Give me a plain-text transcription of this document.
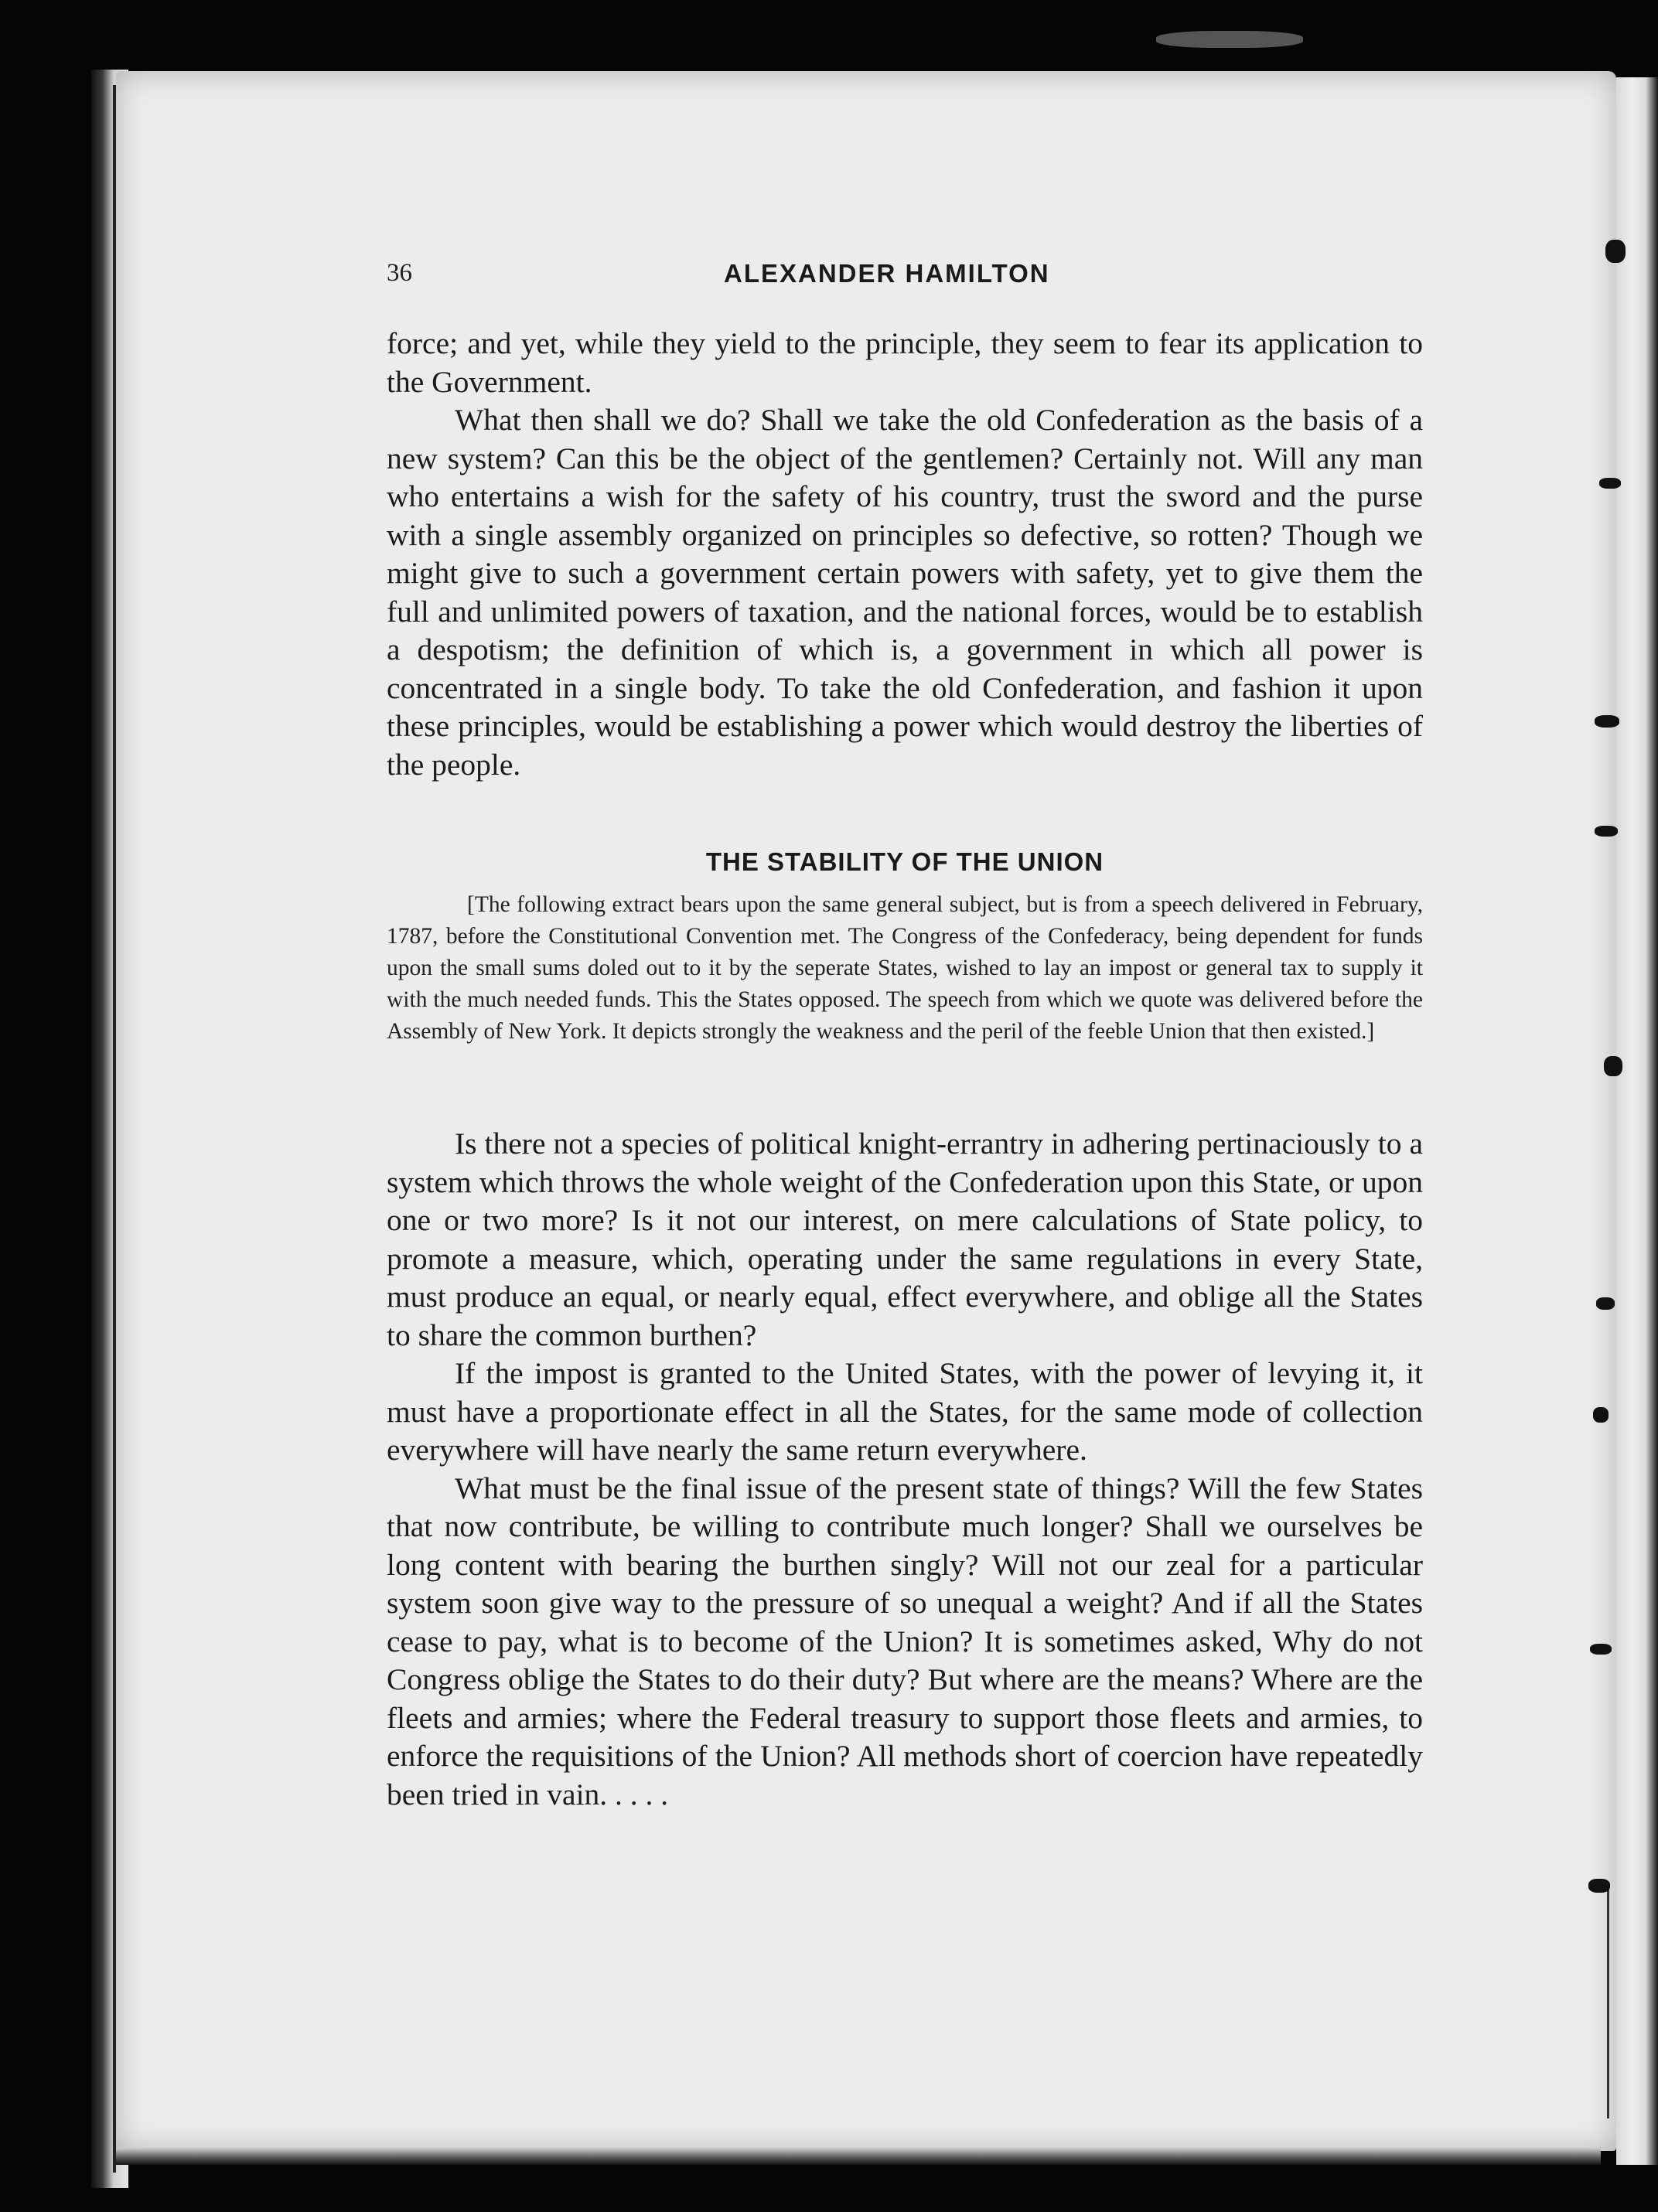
36	ALEXANDER HAMILTON

force; and yet, while they yield to the principle, they seem to fear its application to the Government.

What then shall we do? Shall we take the old Confederation as the basis of a new system? Can this be the object of the gentlemen? Certainly not. Will any man who entertains a wish for the safety of his country, trust the sword and the purse with a single assembly organized on principles so defective, so rotten? Though we might give to such a government certain powers with safety, yet to give them the full and unlimited powers of taxation, and the national forces, would be to establish a despotism; the definition of which is, a government in which all power is concentrated in a single body. To take the old Confederation, and fashion it upon these principles, would be establishing a power which would destroy the liberties of the people.

THE STABILITY OF THE UNION
[The following extract bears upon the same general subject, but is from a speech delivered in February, 1787, before the Constitutional Convention met. The Congress of the Confederacy, being dependent for funds upon the small sums doled out to it by the seperate States, wished to lay an impost or general tax to supply it with the much needed funds. This the States opposed. The speech from which we quote was delivered before the Assembly of New York. It depicts strongly the weakness and the peril of the feeble Union that then existed.]

Is there not a species of political knight-errantry in adhering pertinaciously to a system which throws the whole weight of the Confederation upon this State, or upon one or two more? Is it not our interest, on mere calculations of State policy, to promote a measure, which, operating under the same regulations in every State, must produce an equal, or nearly equal, effect everywhere, and oblige all the States to share the common burthen?

If the impost is granted to the United States, with the power of levying it, it must have a proportionate effect in all the States, for the same mode of collection everywhere will have nearly the same return everywhere.

What must be the final issue of the present state of things? Will the few States that now contribute, be willing to contribute much longer? Shall we ourselves be long content with bearing the burthen singly? Will not our zeal for a particular system soon give way to the pressure of so unequal a weight? And if all the States cease to pay, what is to become of the Union? It is sometimes asked, Why do not Congress oblige the States to do their duty? But where are the means? Where are the fleets and armies; where the Federal treasury to support those fleets and armies, to enforce the requisitions of the Union? All methods short of coercion have repeatedly been tried in vain. . . . .
